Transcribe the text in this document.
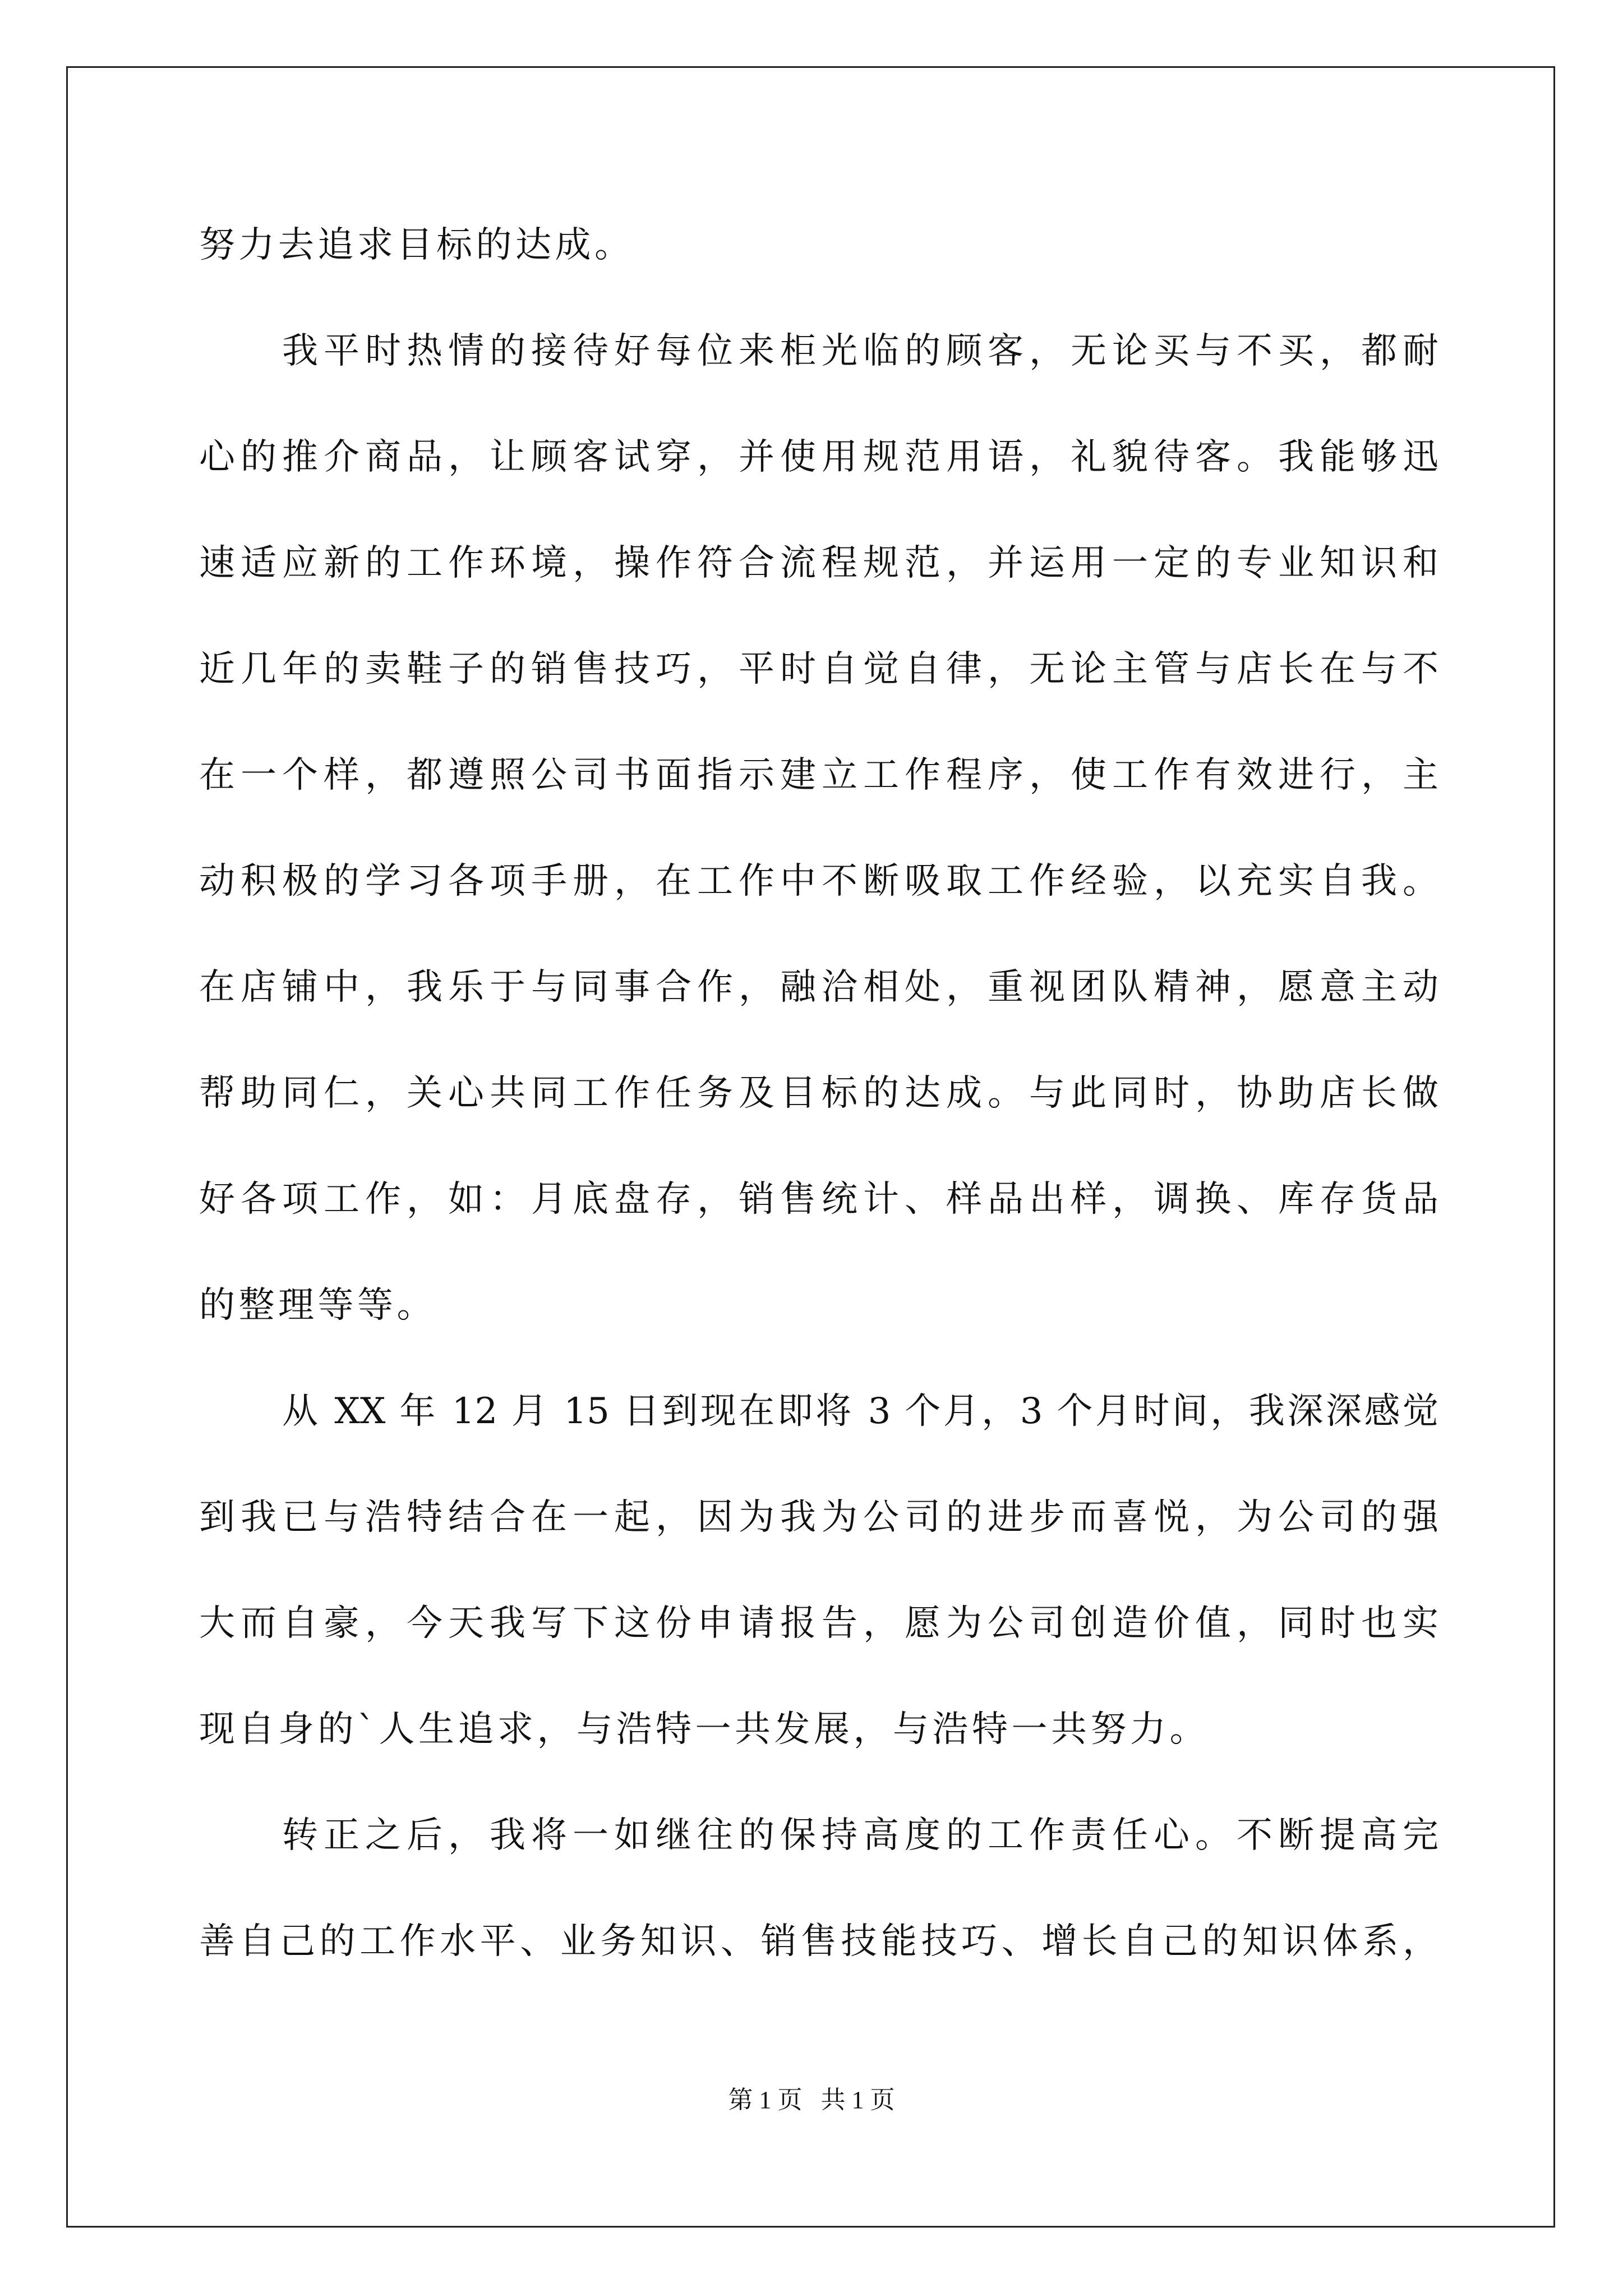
努力去追求目标的达成。
我平时热情的接待好每位来柜光临的顾客，无论买与不买，都耐
心的推介商品，让顾客试穿，并使用规范用语，礼貌待客。我能够迅
速适应新的工作环境，操作符合流程规范，并运用一定的专业知识和
近几年的卖鞋子的销售技巧，平时自觉自律，无论主管与店长在与不
在一个样，都遵照公司书面指示建立工作程序，使工作有效进行，主
动积极的学习各项手册，在工作中不断吸取工作经验，以充实自我。
在店铺中，我乐于与同事合作，融洽相处，重视团队精神，愿意主动
帮助同仁，关心共同工作任务及目标的达成。与此同时，协助店长做
好各项工作，如：月底盘存，销售统计、样品出样，调换、库存货品
的整理等等。
从 XX 年 12 月 15 日到现在即将 3 个月，3 个月时间，我深深感觉
到我已与浩特结合在一起，因为我为公司的进步而喜悦，为公司的强
大而自豪，今天我写下这份申请报告，愿为公司创造价值，同时也实
现自身的`人生追求，与浩特一共发展，与浩特一共努力。
转正之后，我将一如继往的保持高度的工作责任心。不断提高完
善自己的工作水平、业务知识、销售技能技巧、增长自己的知识体系，
第 1 页   共 1 页
